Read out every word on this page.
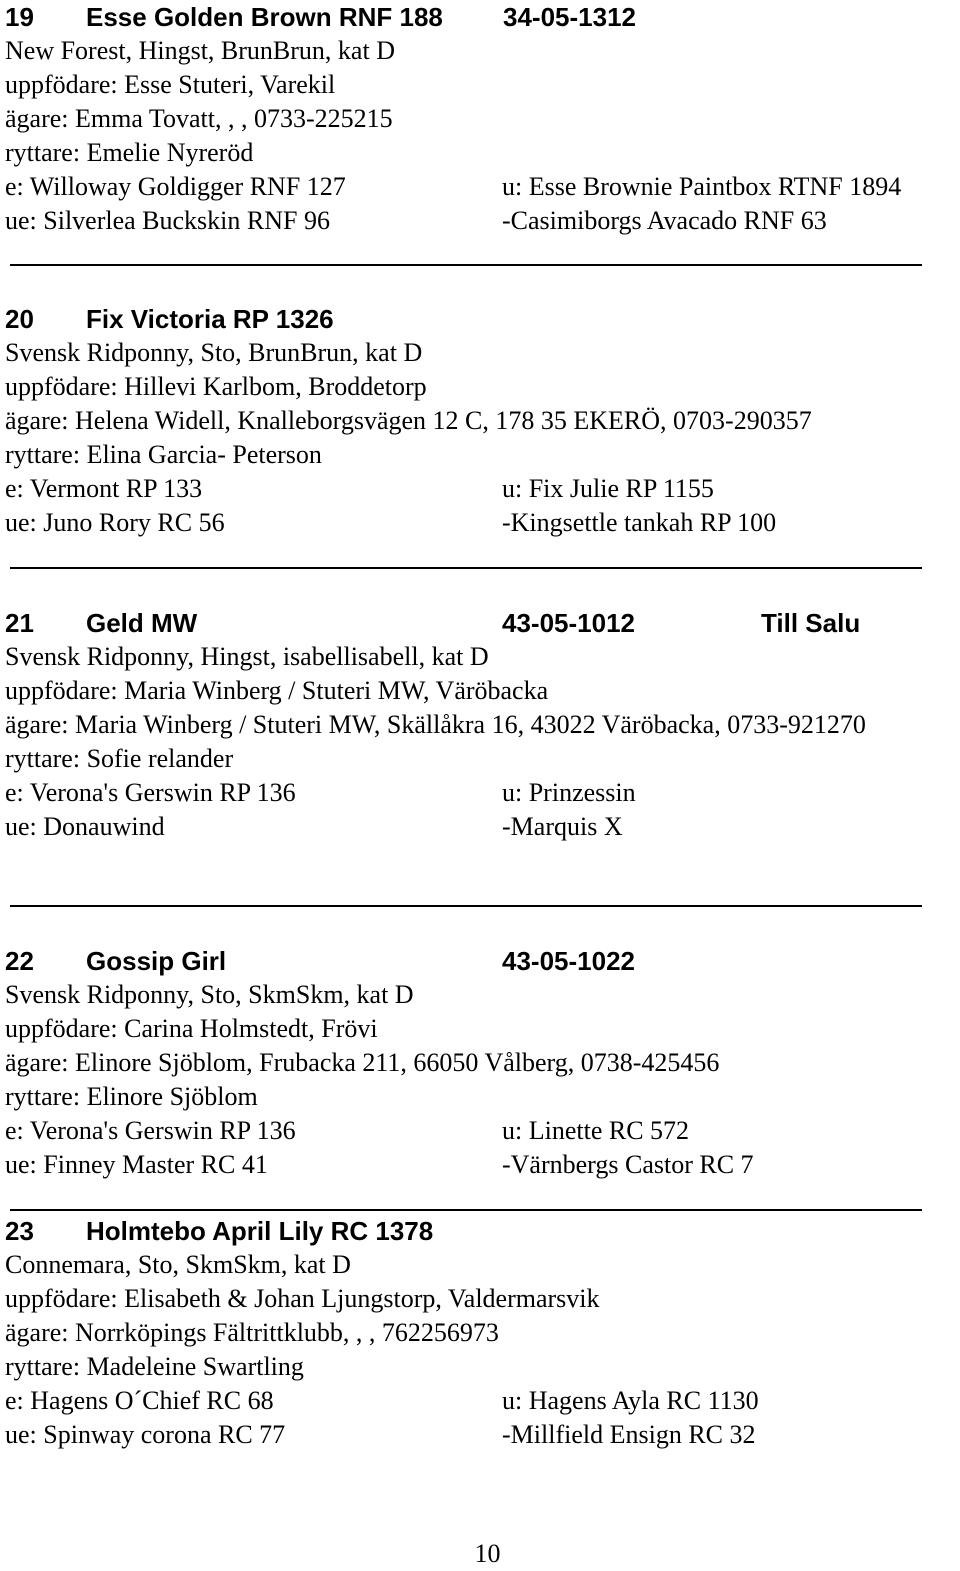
19 Esse Golden Brown RNF 188 34-05-1312
New Forest, Hingst, BrunBrun, kat D
uppfödare: Esse Stuteri, Varekil
ägare: Emma Tovatt, , , 0733-225215
ryttare: Emelie Nyreröd
e: Willoway Goldigger RNF 127	u: Esse Brownie Paintbox RTNF 1894
ue: Silverlea Buckskin RNF 96	-Casimiborgs Avacado RNF 63
20 Fix Victoria RP 1326
Svensk Ridponny, Sto, BrunBrun, kat D
uppfödare: Hillevi Karlbom, Broddetorp
ägare: Helena Widell, Knalleborgsvägen 12 C, 178 35 EKERÖ, 0703-290357
ryttare: Elina Garcia- Peterson
e: Vermont RP 133	u: Fix Julie RP 1155
ue: Juno Rory RC 56	-Kingsettle tankah RP 100
21 Geld MW	43-05-1012	Till Salu
Svensk Ridponny, Hingst, isabellisabell, kat D
uppfödare: Maria Winberg / Stuteri MW, Väröbacka
ägare: Maria Winberg / Stuteri MW, Skällåkra 16, 43022 Väröbacka, 0733-921270
ryttare: Sofie relander
e: Verona's Gerswin RP 136	u: Prinzessin
ue: Donauwind	-Marquis X
22 Gossip Girl	43-05-1022
Svensk Ridponny, Sto, SkmSkm, kat D
uppfödare: Carina Holmstedt, Frövi
ägare: Elinore Sjöblom, Frubacka 211, 66050 Vålberg, 0738-425456
ryttare: Elinore Sjöblom
e: Verona's Gerswin RP 136	u: Linette RC 572
ue: Finney Master RC 41	-Värnbergs Castor RC 7
23 Holmtebo April Lily RC 1378
Connemara, Sto, SkmSkm, kat D
uppfödare: Elisabeth & Johan Ljungstorp, Valdermarsvik
ägare: Norrköpings Fältrittklubb, , , 762256973
ryttare: Madeleine Swartling
e: Hagens O´Chief RC 68	u: Hagens Ayla RC 1130
ue: Spinway corona RC 77	-Millfield Ensign RC 32
10
